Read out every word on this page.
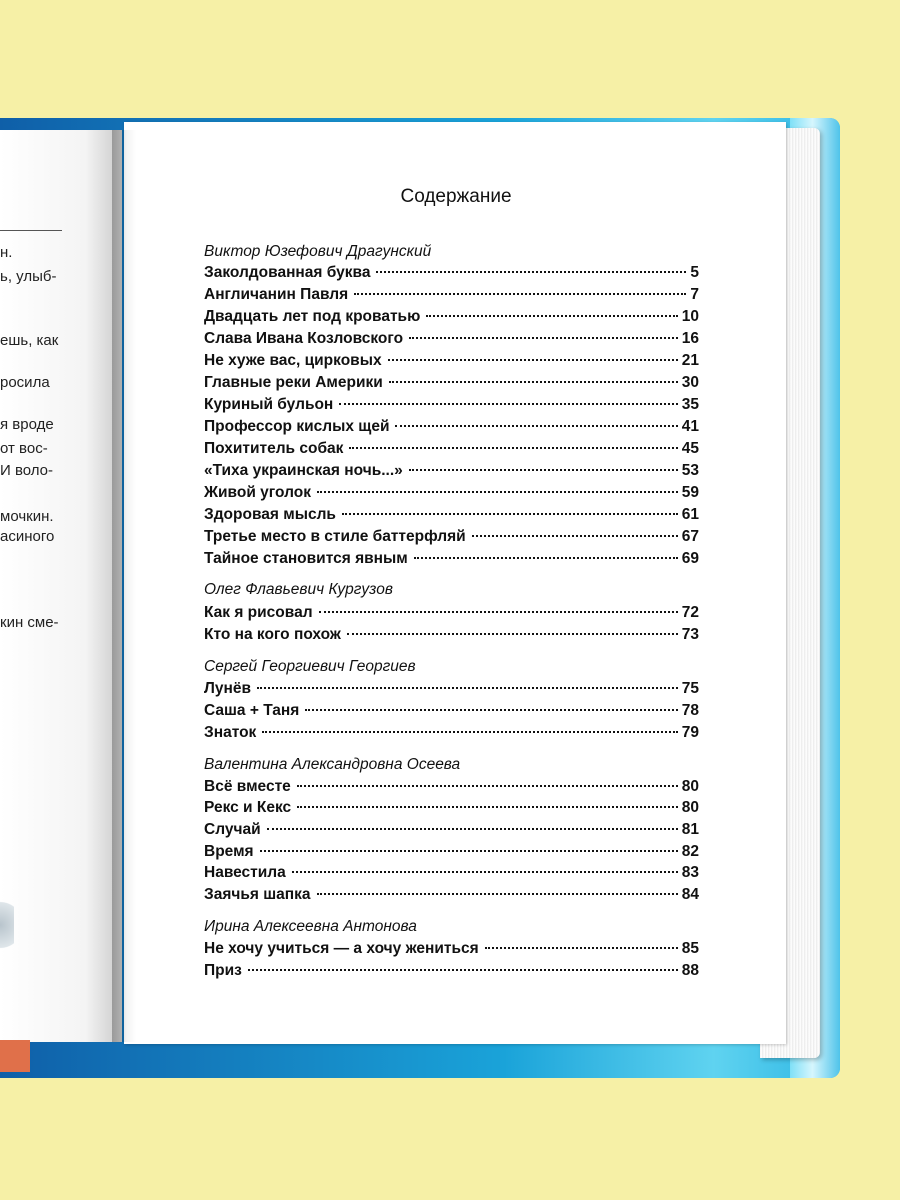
н.
ь, улыб-
ешь, как
росила
я вроде
от вос-
И воло-
мочкин.
асиного
кин сме-
Содержание
Виктор Юзефович Драгунский
Заколдованная буква	5
Англичанин Павля	7
Двадцать лет под кроватью	10
Слава Ивана Козловского	16
Не хуже вас, цирковых	21
Главные реки Америки	30
Куриный бульон	35
Профессор кислых щей	41
Похититель собак	45
«Тиха украинская ночь...»	53
Живой уголок	59
Здоровая мысль	61
Третье место в стиле баттерфляй	67
Тайное становится явным	69
Олег Флавьевич Кургузов
Как я рисовал	72
Кто на кого похож	73
Сергей Георгиевич Георгиев
Лунёв	75
Саша + Таня	78
Знаток	79
Валентина Александровна Осеева
Всё вместе	80
Рекс и Кекс	80
Случай	81
Время	82
Навестила	83
Заячья шапка	84
Ирина Алексеевна Антонова
Не хочу учиться — а хочу жениться	85
Приз	88
